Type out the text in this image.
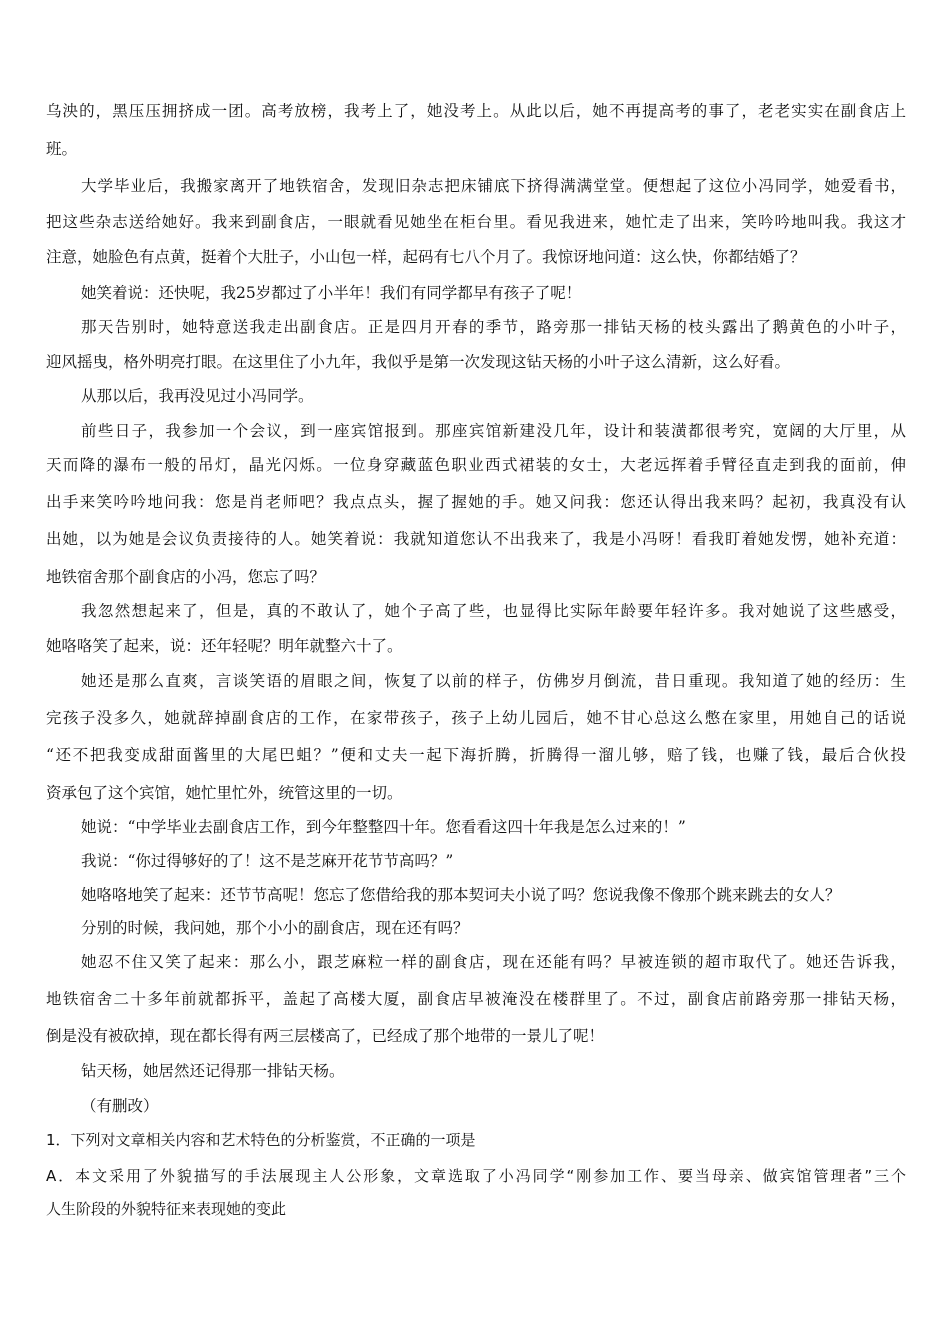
乌泱的，黑压压拥挤成一团。高考放榜，我考上了，她没考上。从此以后，她不再提高考的事了，老老实实在副食店上
班。
大学毕业后，我搬家离开了地铁宿舍，发现旧杂志把床铺底下挤得满满堂堂。便想起了这位小冯同学，她爱看书，
把这些杂志送给她好。我来到副食店，一眼就看见她坐在柜台里。看见我进来，她忙走了出来，笑吟吟地叫我。我这才
注意，她脸色有点黄，挺着个大肚子，小山包一样，起码有七八个月了。我惊讶地问道：这么快，你都结婚了？
她笑着说：还快呢，我25岁都过了小半年！我们有同学都早有孩子了呢！
那天告别时，她特意送我走出副食店。正是四月开春的季节，路旁那一排钻天杨的枝头露出了鹅黄色的小叶子，
迎风摇曳，格外明亮打眼。在这里住了小九年，我似乎是第一次发现这钻天杨的小叶子这么清新，这么好看。
从那以后，我再没见过小冯同学。
前些日子，我参加一个会议，到一座宾馆报到。那座宾馆新建没几年，设计和装潢都很考究，宽阔的大厅里，从
天而降的瀑布一般的吊灯，晶光闪烁。一位身穿藏蓝色职业西式裙装的女士，大老远挥着手臂径直走到我的面前，伸
出手来笑吟吟地问我：您是肖老师吧？我点点头，握了握她的手。她又问我：您还认得出我来吗？起初，我真没有认
出她，以为她是会议负责接待的人。她笑着说：我就知道您认不出我来了，我是小冯呀！看我盯着她发愣，她补充道：
地铁宿舍那个副食店的小冯，您忘了吗？
我忽然想起来了，但是，真的不敢认了，她个子高了些，也显得比实际年龄要年轻许多。我对她说了这些感受，
她咯咯笑了起来，说：还年轻呢？明年就整六十了。
她还是那么直爽，言谈笑语的眉眼之间，恢复了以前的样子，仿佛岁月倒流，昔日重现。我知道了她的经历：生
完孩子没多久，她就辞掉副食店的工作，在家带孩子，孩子上幼儿园后，她不甘心总这么憋在家里，用她自己的话说
“还不把我变成甜面酱里的大尾巴蛆？”便和丈夫一起下海折腾，折腾得一溜儿够，赔了钱，也赚了钱，最后合伙投
资承包了这个宾馆，她忙里忙外，统管这里的一切。
她说：“中学毕业去副食店工作，到今年整整四十年。您看看这四十年我是怎么过来的！”
我说：“你过得够好的了！这不是芝麻开花节节高吗？”
她咯咯地笑了起来：还节节高呢！您忘了您借给我的那本契诃夫小说了吗？您说我像不像那个跳来跳去的女人？
分别的时候，我问她，那个小小的副食店，现在还有吗？
她忍不住又笑了起来：那么小，跟芝麻粒一样的副食店，现在还能有吗？早被连锁的超市取代了。她还告诉我，
地铁宿舍二十多年前就都拆平，盖起了高楼大厦，副食店早被淹没在楼群里了。不过，副食店前路旁那一排钻天杨，
倒是没有被砍掉，现在都长得有两三层楼高了，已经成了那个地带的一景儿了呢！
钻天杨，她居然还记得那一排钻天杨。
（有删改）
1．下列对文章相关内容和艺术特色的分析鉴赏，不正确的一项是
A．本文采用了外貌描写的手法展现主人公形象，文章选取了小冯同学“刚参加工作、要当母亲、做宾馆管理者”三个
人生阶段的外貌特征来表现她的变此
